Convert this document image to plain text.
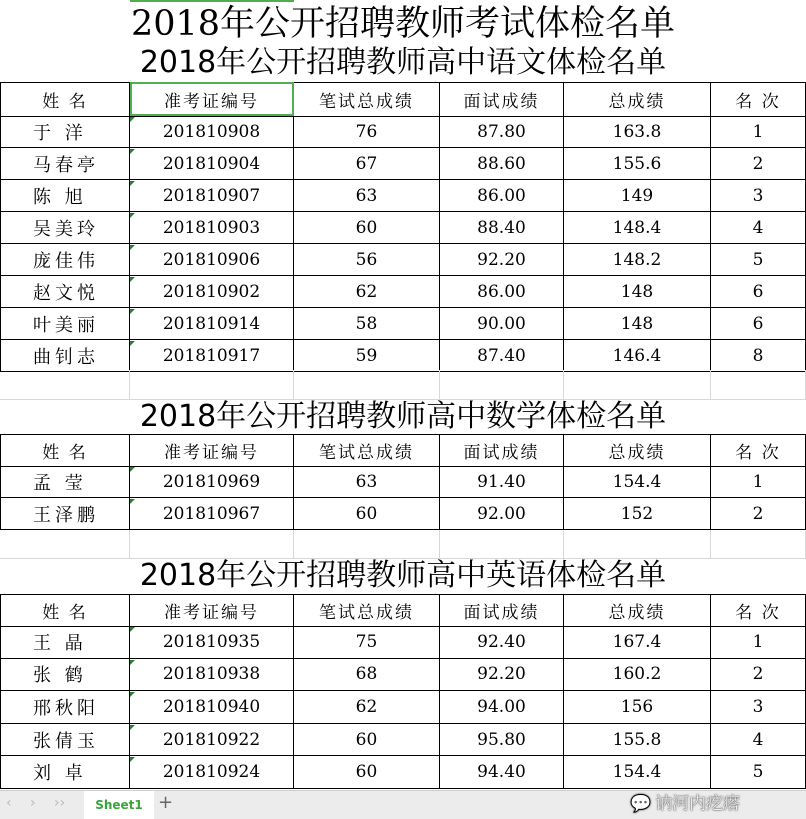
2018年公开招聘教师考试体检名单
2018年公开招聘教师高中语文体检名单
姓 名	准考证编号	笔试总成绩	面试成绩	总成绩	名 次
于 洋	201810908	76	87.80	163.8	1
马春亭	201810904	67	88.60	155.6	2
陈 旭	201810907	63	86.00	149	3
吴美玲	201810903	60	88.40	148.4	4
庞佳伟	201810906	56	92.20	148.2	5
赵文悦	201810902	62	86.00	148	6
叶美丽	201810914	58	90.00	148	6
曲钊志	201810917	59	87.40	146.4	8
2018年公开招聘教师高中数学体检名单
姓 名	准考证编号	笔试总成绩	面试成绩	总成绩	名 次
孟 莹	201810969	63	91.40	154.4	1
王泽鹏	201810967	60	92.00	152	2
2018年公开招聘教师高中英语体检名单
姓 名	准考证编号	笔试总成绩	面试成绩	总成绩	名 次
王 晶	201810935	75	92.40	167.4	1
张 鹤	201810938	68	92.20	160.2	2
邢秋阳	201810940	62	94.00	156	3
张倩玉	201810922	60	95.80	155.8	4
刘 卓	201810924	60	94.40	154.4	5
‹ › ››	Sheet1 +	💬 讷河内疙瘩
